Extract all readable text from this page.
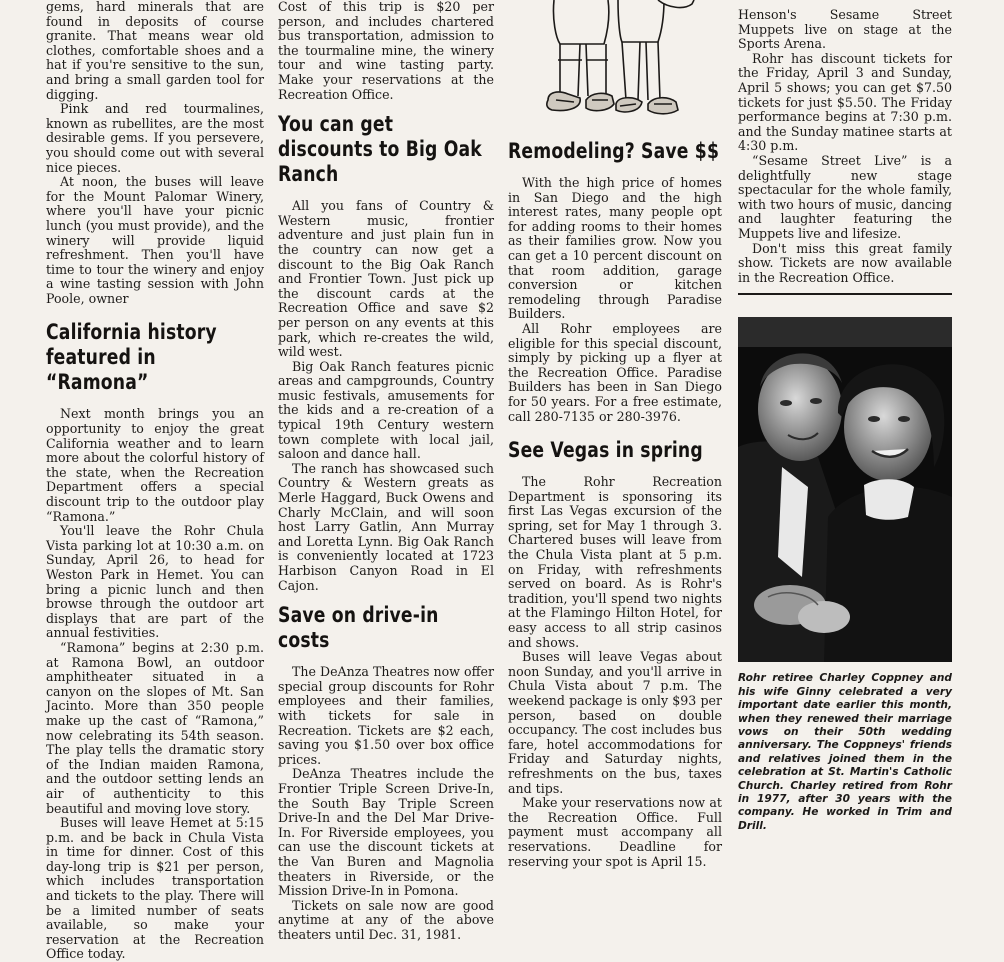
gems, hard minerals that are found in deposits of course granite. That means wear old clothes, comfortable shoes and a hat if you're sensitive to the sun, and bring a small garden tool for digging.

Pink and red tourmalines, known as rubellites, are the most desirable gems. If you persevere, you should come out with several nice pieces.

At noon, the buses will leave for the Mount Palomar Winery, where you'll have your picnic lunch (you must provide), and the winery will provide liquid refreshment. Then you'll have time to tour the winery and enjoy a wine tasting session with John Poole, owner

California history featured in “Ramona”

Next month brings you an opportunity to enjoy the great California weather and to learn more about the colorful history of the state, when the Recreation Department offers a special discount trip to the outdoor play “Ramona.”

You'll leave the Rohr Chula Vista parking lot at 10:30 a.m. on Sunday, April 26, to head for Weston Park in Hemet. You can bring a picnic lunch and then browse through the outdoor art displays that are part of the annual festivities.

“Ramona” begins at 2:30 p.m. at Ramona Bowl, an outdoor amphitheater situated in a canyon on the slopes of Mt. San Jacinto. More than 350 people make up the cast of “Ramona,” now celebrating its 54th season. The play tells the dramatic story of the Indian maiden Ramona, and the outdoor setting lends an air of authenticity to this beautiful and moving love story.

Buses will leave Hemet at 5:15 p.m. and be back in Chula Vista in time for dinner. Cost of this day-long trip is $21 per person, which includes transportation and tickets to the play. There will be a limited number of seats available, so make your reservation at the Recreation Office today.

Cost of this trip is $20 per person, and includes chartered bus transportation, admission to the tourmaline mine, the winery tour and wine tasting party. Make your reservations at the Recreation Office.

You can get discounts to Big Oak Ranch

All you fans of Country & Western music, frontier adventure and just plain fun in the country can now get a discount to the Big Oak Ranch and Frontier Town. Just pick up the discount cards at the Recreation Office and save $2 per person on any events at this park, which re-creates the wild, wild west.

Big Oak Ranch features picnic areas and campgrounds, Country music festivals, amusements for the kids and a re-creation of a typical 19th Century western town complete with local jail, saloon and dance hall.

The ranch has showcased such Country & Western greats as Merle Haggard, Buck Owens and Charly McClain, and will soon host Larry Gatlin, Ann Murray and Loretta Lynn. Big Oak Ranch is conveniently located at 1723 Harbison Canyon Road in El Cajon.

Save on drive-in costs

The DeAnza Theatres now offer special group discounts for Rohr employees and their families, with tickets for sale in Recreation. Tickets are $2 each, saving you $1.50 over box office prices.

DeAnza Theatres include the Frontier Triple Screen Drive-In, the South Bay Triple Screen Drive-In and the Del Mar Drive-In. For Riverside employees, you can use the discount tickets at the Van Buren and Magnolia theaters in Riverside, or the Mission Drive-In in Pomona.

Tickets on sale now are good anytime at any of the above theaters until Dec. 31, 1981.

Remodeling? Save $$

With the high price of homes in San Diego and the high interest rates, many people opt for adding rooms to their homes as their families grow. Now you can get a 10 percent discount on that room addition, garage conversion or kitchen remodeling through Paradise Builders.

All Rohr employees are eligible for this special discount, simply by picking up a flyer at the Recreation Office. Paradise Builders has been in San Diego for 50 years. For a free estimate, call 280-7135 or 280-3976.

See Vegas in spring

The Rohr Recreation Department is sponsoring its first Las Vegas excursion of the spring, set for May 1 through 3. Chartered buses will leave from the Chula Vista plant at 5 p.m. on Friday, with refreshments served on board. As is Rohr's tradition, you'll spend two nights at the Flamingo Hilton Hotel, for easy access to all strip casinos and shows.

Buses will leave Vegas about noon Sunday, and you'll arrive in Chula Vista about 7 p.m. The weekend package is only $93 per person, based on double occupancy. The cost includes bus fare, hotel accommodations for Friday and Saturday nights, refreshments on the bus, taxes and tips.

Make your reservations now at the Recreation Office. Full payment must accompany all reservations. Deadline for reserving your spot is April 15.

Henson's Sesame Street Muppets live on stage at the Sports Arena.

Rohr has discount tickets for the Friday, April 3 and Sunday, April 5 shows; you can get $7.50 tickets for just $5.50. The Friday performance begins at 7:30 p.m. and the Sunday matinee starts at 4:30 p.m.

“Sesame Street Live” is a delightfully new stage spectacular for the whole family, with two hours of music, dancing and laughter featuring the Muppets live and lifesize.

Don't miss this great family show. Tickets are now available in the Recreation Office.

Rohr retiree Charley Coppney and his wife Ginny celebrated a very important date earlier this month, when they renewed their marriage vows on their 50th wedding anniversary. The Coppneys' friends and relatives joined them in the celebration at St. Martin's Catholic Church. Charley retired from Rohr in 1977, after 30 years with the company. He worked in Trim and Drill.
